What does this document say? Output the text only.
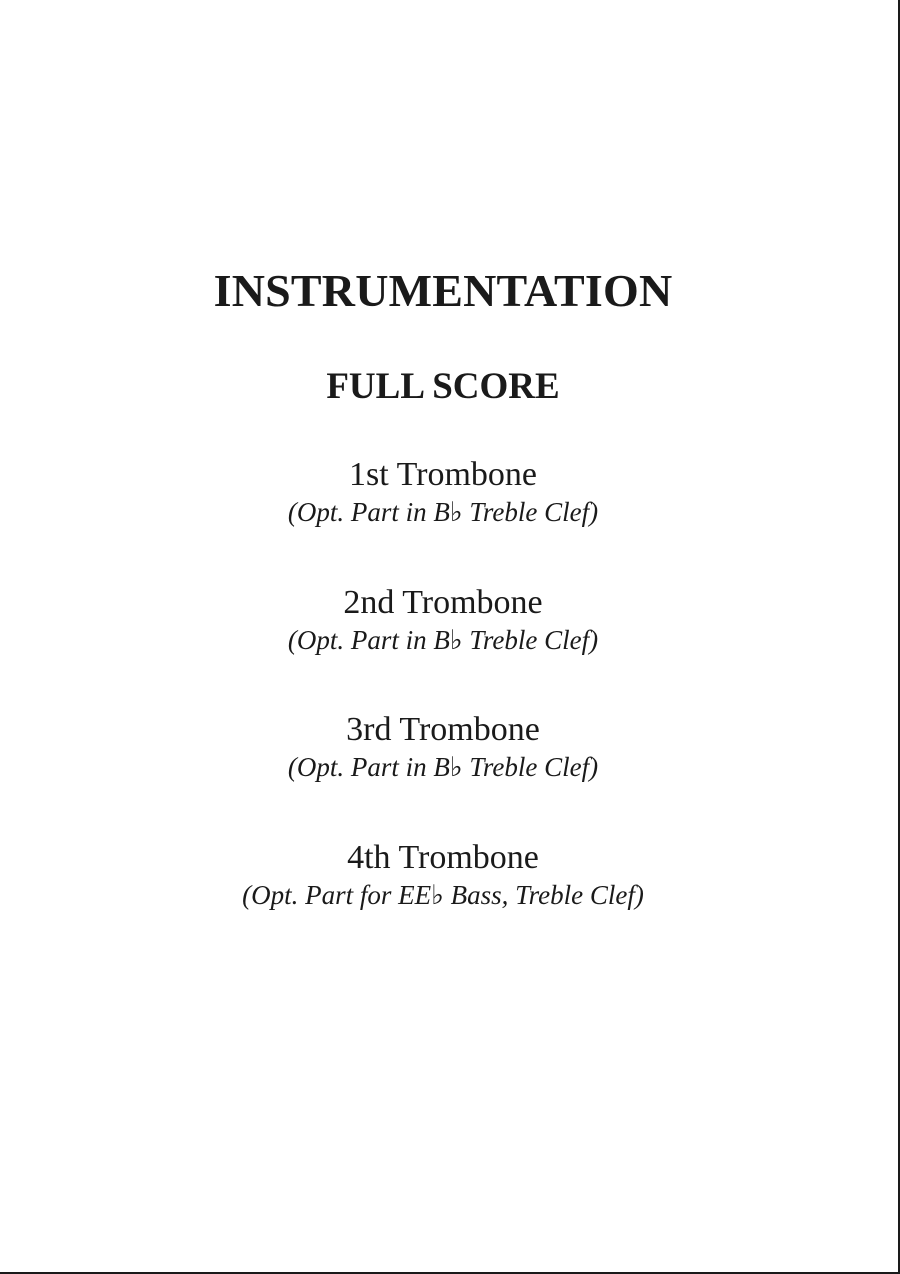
INSTRUMENTATION
FULL SCORE
1st Trombone
(Opt. Part in B♭ Treble Clef)
2nd Trombone
(Opt. Part in B♭ Treble Clef)
3rd Trombone
(Opt. Part in B♭ Treble Clef)
4th Trombone
(Opt. Part for EE♭ Bass, Treble Clef)
